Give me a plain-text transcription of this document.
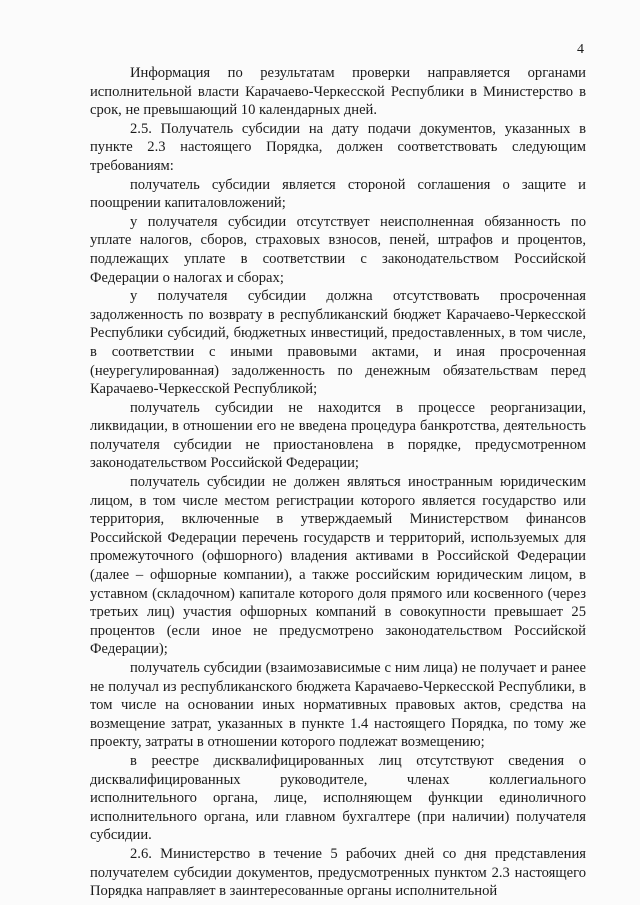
4

Информация по результатам проверки направляется органами исполнительной власти Карачаево-Черкесской Республики в Министерство в срок, не превышающий 10 календарных дней.

2.5. Получатель субсидии на дату подачи документов, указанных в пункте 2.3 настоящего Порядка, должен соответствовать следующим требованиям:

получатель субсидии является стороной соглашения о защите и поощрении капиталовложений;

у получателя субсидии отсутствует неисполненная обязанность по уплате налогов, сборов, страховых взносов, пеней, штрафов и процентов, подлежащих уплате в соответствии с законодательством Российской Федерации о налогах и сборах;

у получателя субсидии должна отсутствовать просроченная задолженность по возврату в республиканский бюджет Карачаево-Черкесской Республики субсидий, бюджетных инвестиций, предоставленных, в том числе, в соответствии с иными правовыми актами, и иная просроченная (неурегулированная) задолженность по денежным обязательствам перед Карачаево-Черкесской Республикой;

получатель субсидии не находится в процессе реорганизации, ликвидации, в отношении его не введена процедура банкротства, деятельность получателя субсидии не приостановлена в порядке, предусмотренном законодательством Российской Федерации;

получатель субсидии не должен являться иностранным юридическим лицом, в том числе местом регистрации которого является государство или территория, включенные в утверждаемый Министерством финансов Российской Федерации перечень государств и территорий, используемых для промежуточного (офшорного) владения активами в Российской Федерации (далее – офшорные компании), а также российским юридическим лицом, в уставном (складочном) капитале которого доля прямого или косвенного (через третьих лиц) участия офшорных компаний в совокупности превышает 25 процентов (если иное не предусмотрено законодательством Российской Федерации);

получатель субсидии (взаимозависимые с ним лица) не получает и ранее не получал из республиканского бюджета Карачаево-Черкесской Республики, в том числе на основании иных нормативных правовых актов, средства на возмещение затрат, указанных в пункте 1.4 настоящего Порядка, по тому же проекту, затраты в отношении которого подлежат возмещению;

в реестре дисквалифицированных лиц отсутствуют сведения о дисквалифицированных руководителе, членах коллегиального исполнительного органа, лице, исполняющем функции единоличного исполнительного органа, или главном бухгалтере (при наличии) получателя субсидии.

2.6. Министерство в течение 5 рабочих дней со дня представления получателем субсидии документов, предусмотренных пунктом 2.3 настоящего Порядка направляет в заинтересованные органы исполнительной
